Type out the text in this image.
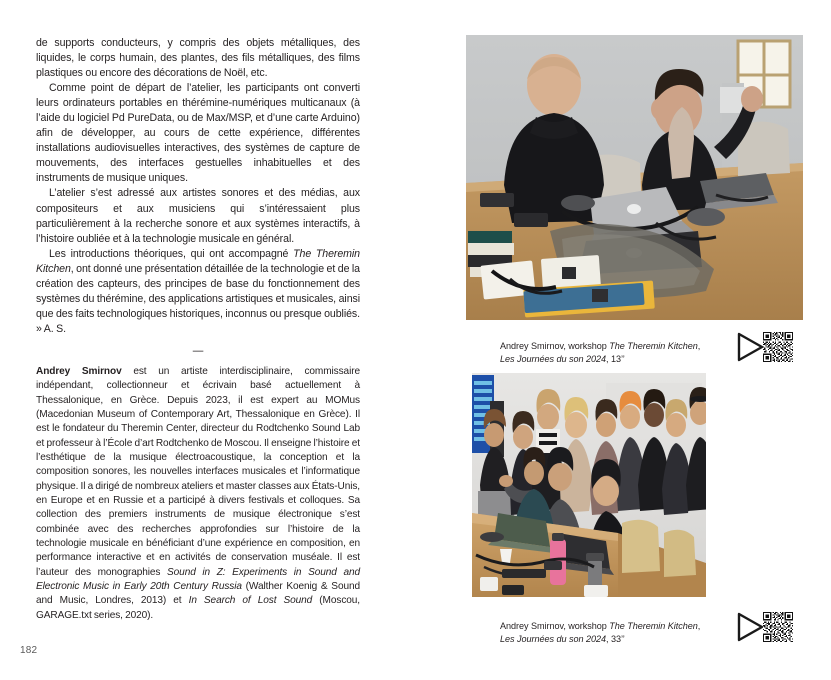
de supports conducteurs, y compris des objets métalliques, des liquides, le corps humain, des plantes, des fils métalliques, des films plastiques ou encore des décorations de Noël, etc.

Comme point de départ de l’atelier, les participants ont converti leurs ordinateurs portables en thérémine-numériques multicanaux (à l’aide du logiciel Pd PureData, ou de Max/MSP, et d’une carte Arduino) afin de développer, au cours de cette expérience, différentes installations audiovisuelles interactives, des systèmes de capture de mouvements, des interfaces gestuelles inhabituelles et des instruments de musique uniques.

L’atelier s’est adressé aux artistes sonores et des médias, aux compositeurs et aux musiciens qui s’intéressaient plus particulièrement à la recherche sonore et aux systèmes interactifs, à l’histoire oubliée et à la technologie musicale en général.

Les introductions théoriques, qui ont accompagné The Theremin Kitchen, ont donné une présentation détaillée de la technologie et de la création des capteurs, des principes de base du fonctionnement des systèmes du thérémine, des applications artistiques et musicales, ainsi que des faits technologiques historiques, inconnus ou presque oubliés. » A. S.

—

Andrey Smirnov est un artiste interdisciplinaire, commissaire indépendant, collectionneur et écrivain basé actuellement à Thessalonique, en Grèce. Depuis 2023, il est expert au MOMus (Macedonian Museum of Contemporary Art, Thessalonique en Grèce). Il est le fondateur du Theremin Center, directeur du Rodtchenko Sound Lab et professeur à l’École d’art Rodtchenko de Moscou. Il enseigne l’histoire et l’esthétique de la musique électroacoustique, la conception et la composition sonores, les nouvelles interfaces musicales et l’informatique physique. Il a dirigé de nombreux ateliers et master classes aux États-Unis, en Europe et en Russie et a participé à divers festivals et colloques. Sa collection des premiers instruments de musique électronique s’est combinée avec des recherches approfondies sur l’histoire de la technologie musicale en bénéficiant d’une expérience en composition, en performance interactive et en activités de conservation muséale. Il est l’auteur des monographies Sound in Z: Experiments in Sound and Electronic Music in Early 20th Century Russia (Walther Koenig & Sound and Music, Londres, 2013) et In Search of Lost Sound (Moscou, GARAGE.txt series, 2020).

182

Andrey Smirnov, workshop The Theremin Kitchen,
Les Journées du son 2024, 13’’

Andrey Smirnov, workshop The Theremin Kitchen,
Les Journées du son 2024, 33’’
